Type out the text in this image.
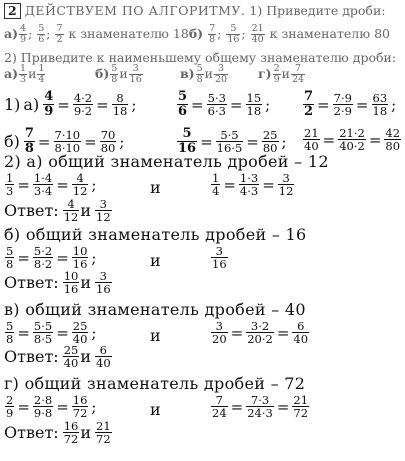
2 ДЕЙСТВУЕМ ПО АЛГОРИТМУ. 1) Приведите дроби:
$а) \frac{4}{9}$ ; $\frac{5}{6}$ ; $\frac{7}{2}$ к знаменателю $18б) \frac{7}{8}$ ; $\frac{5}{16}$ ; $\frac{21}{40}$ к знаменателю 80
2) Приведите к наименьшему общему знаменателю дроби:
$а) \frac{1}{3}$ и $\frac{1}{4}$	$б) \frac{5}{8}$ и $\frac{3}{16}$	$в) \frac{5}{8}$ и $\frac{3}{20} г) \frac{2}{9}$ и $\frac{7}{24}$
1) $а) \frac{4}{9} = \frac{4\cdot 2}{9\cdot 2} = \frac{8}{18}$ ;	$\frac{5}{6} = \frac{5\cdot 3}{6\cdot 3} = \frac{15}{18}$ ;	$\frac{7}{2} = \frac{7\cdot 9}{2\cdot 9} = \frac{63}{18}$ ;
$б) \frac{7}{8} = \frac{7\cdot 10}{8\cdot 10} = \frac{70}{80}$ ;	$\frac{5}{16} = \frac{5\cdot 5}{16\cdot 5} = \frac{25}{80}$ ; $\frac{21}{40} = \frac{21\cdot 2}{40\cdot 2} = \frac{42}{80}$
2) а) общий знаменатель дробей – 12
$\frac{1}{3} = \frac{1\cdot 4}{3\cdot 4} = \frac{4}{12}$ ;	и	$\frac{1}{4} = \frac{1\cdot 3}{4\cdot 3} = \frac{3}{12}$
Ответ: $\frac{4}{12}$ и $\frac{3}{12}$
б) общий знаменатель дробей – 16
$\frac{5}{8} = \frac{5\cdot 2}{8\cdot 2} = \frac{10}{16}$ ;	и	$\frac{3}{16}$
Ответ: $\frac{10}{16}$ и $\frac{3}{16}$
в) общий знаменатель дробей – 40
$\frac{5}{8} = \frac{5\cdot 5}{8\cdot 5} = \frac{25}{40}$ ;	и	$\frac{3}{20} = \frac{3\cdot 2}{20\cdot 2} = \frac{6}{40}$
Ответ: $\frac{25}{40}$ и $\frac{6}{40}$
г) общий знаменатель дробей – 72
$\frac{2}{9} = \frac{2\cdot 8}{9\cdot 8} = \frac{16}{72}$ ;	и	$\frac{7}{24} = \frac{7\cdot 3}{24\cdot 3} = \frac{21}{72}$
Ответ: $\frac{16}{72}$ и $\frac{21}{72}$
